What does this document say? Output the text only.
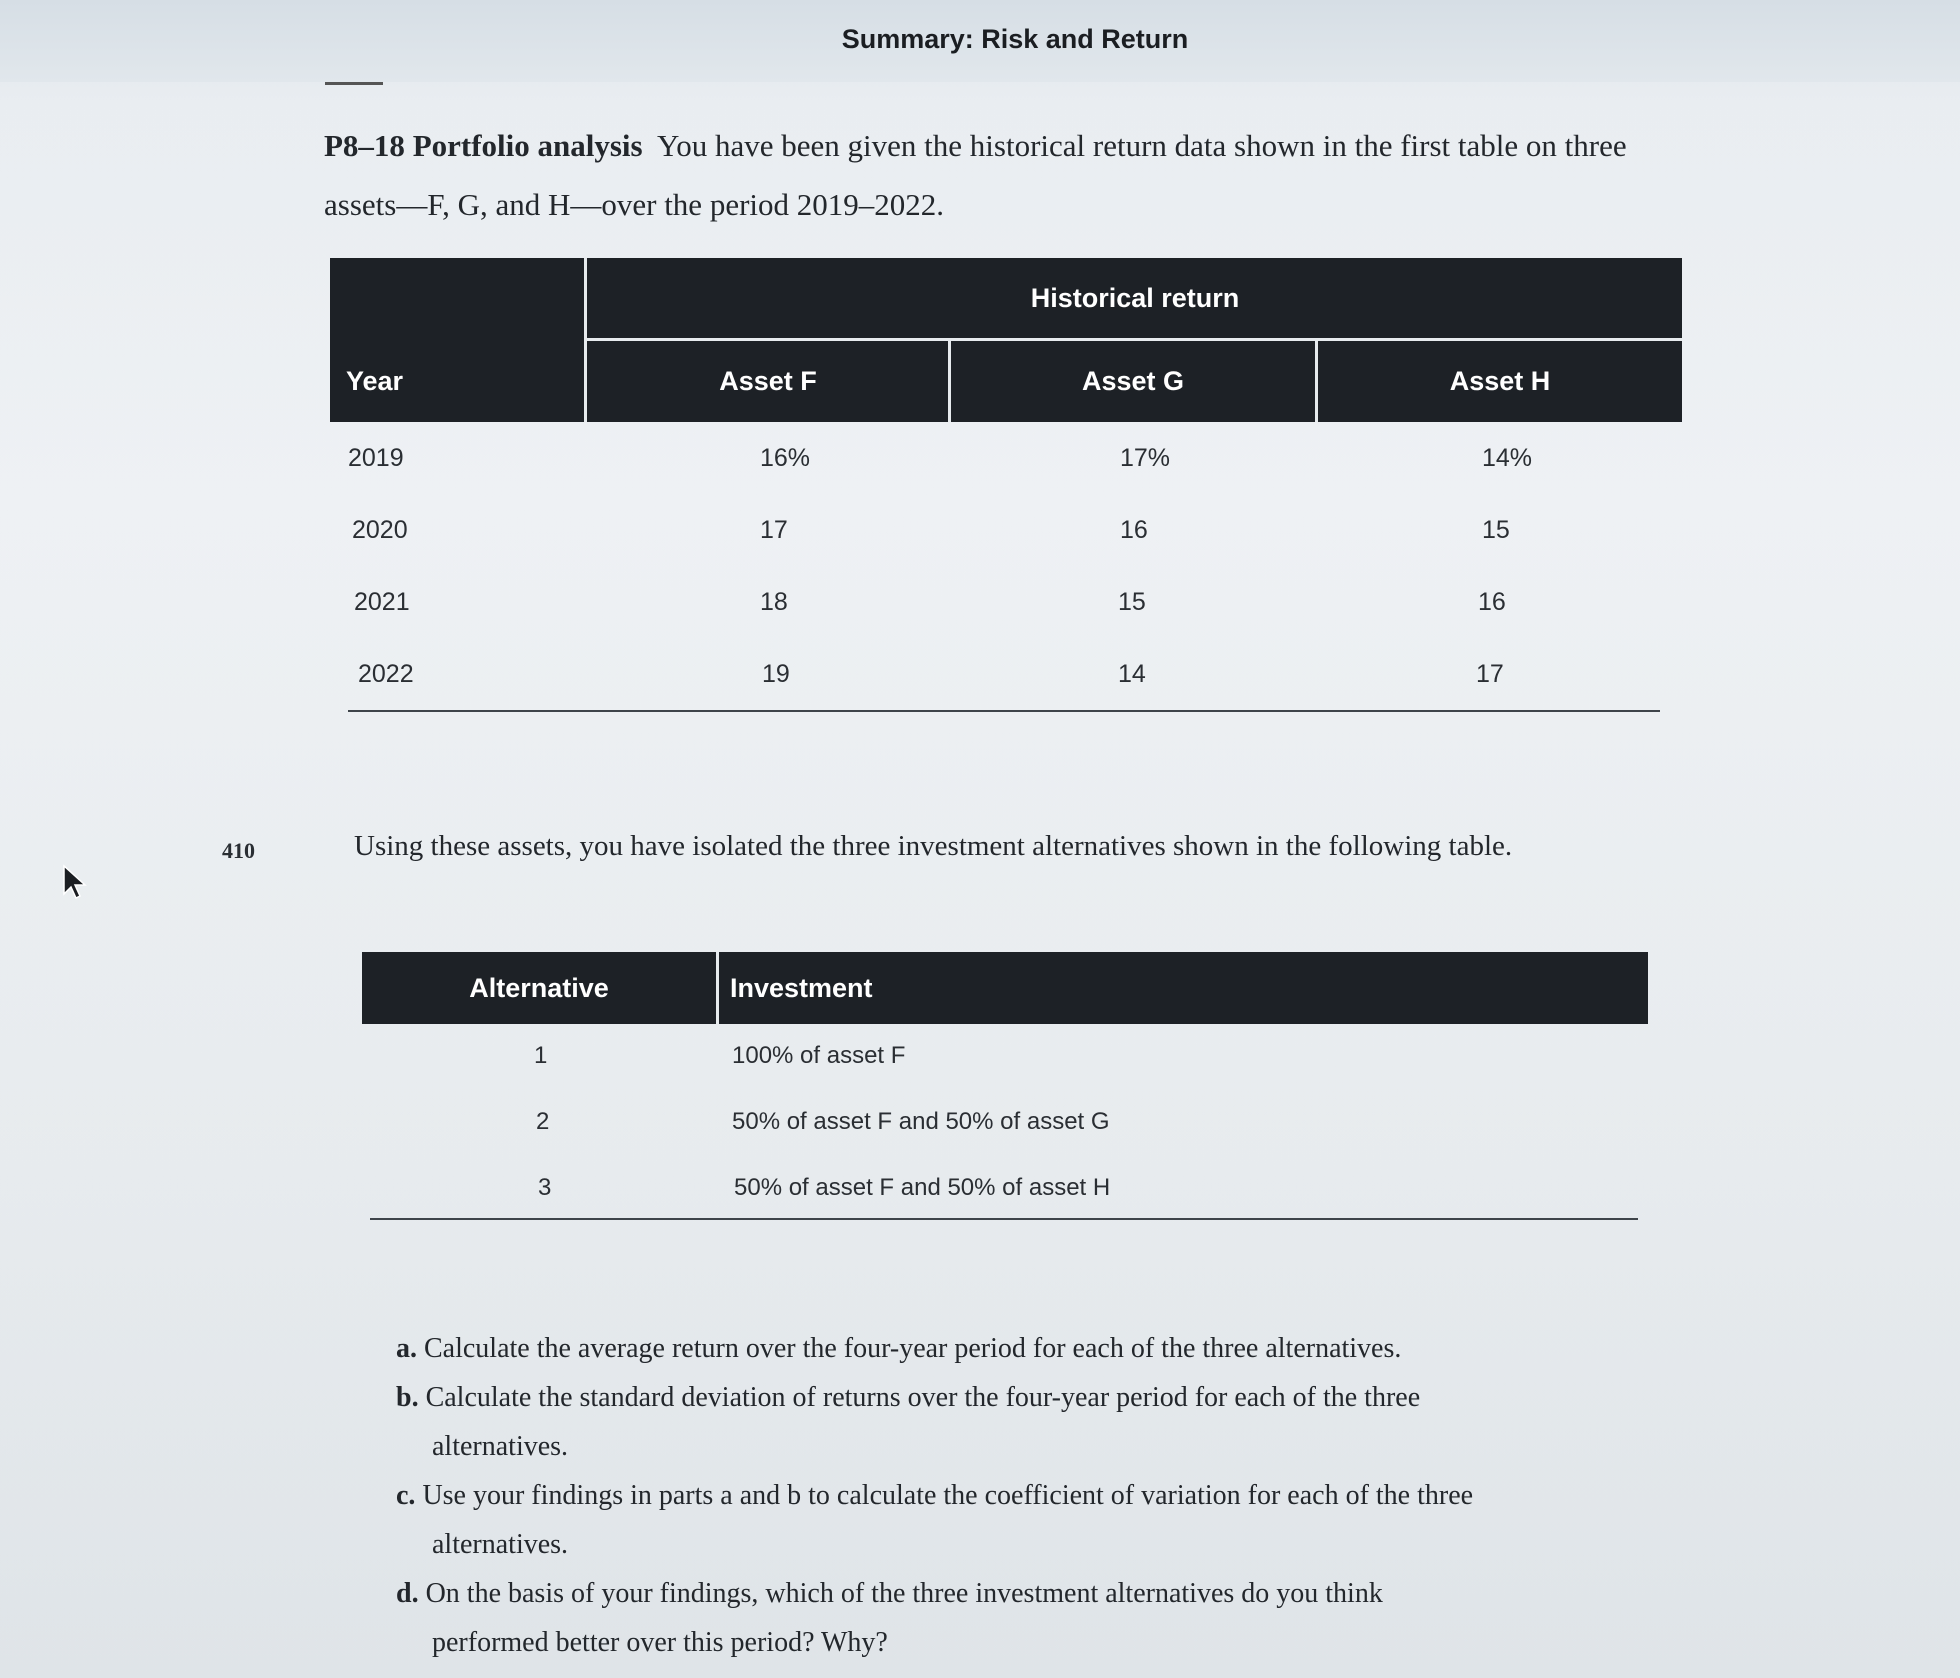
Summary: Risk and Return
P8–18 Portfolio analysis You have been given the historical return data shown in the first table on three assets—F, G, and H—over the period 2019–2022.
Historical return
Year	Asset F	Asset G	Asset H
2019	16%	17%	14%
2020	17	16	15
2021	18	15	16
2022	19	14	17
410	Using these assets, you have isolated the three investment alternatives shown in the following table.
Alternative	Investment
1	100% of asset F
2	50% of asset F and 50% of asset G
3	50% of asset F and 50% of asset H

a. Calculate the average return over the four-year period for each of the three alternatives.

b. Calculate the standard deviation of returns over the four-year period for each of the three
alternatives.

c. Use your findings in parts a and b to calculate the coefficient of variation for each of the three
alternatives.

d. On the basis of your findings, which of the three investment alternatives do you think
performed better over this period? Why?
